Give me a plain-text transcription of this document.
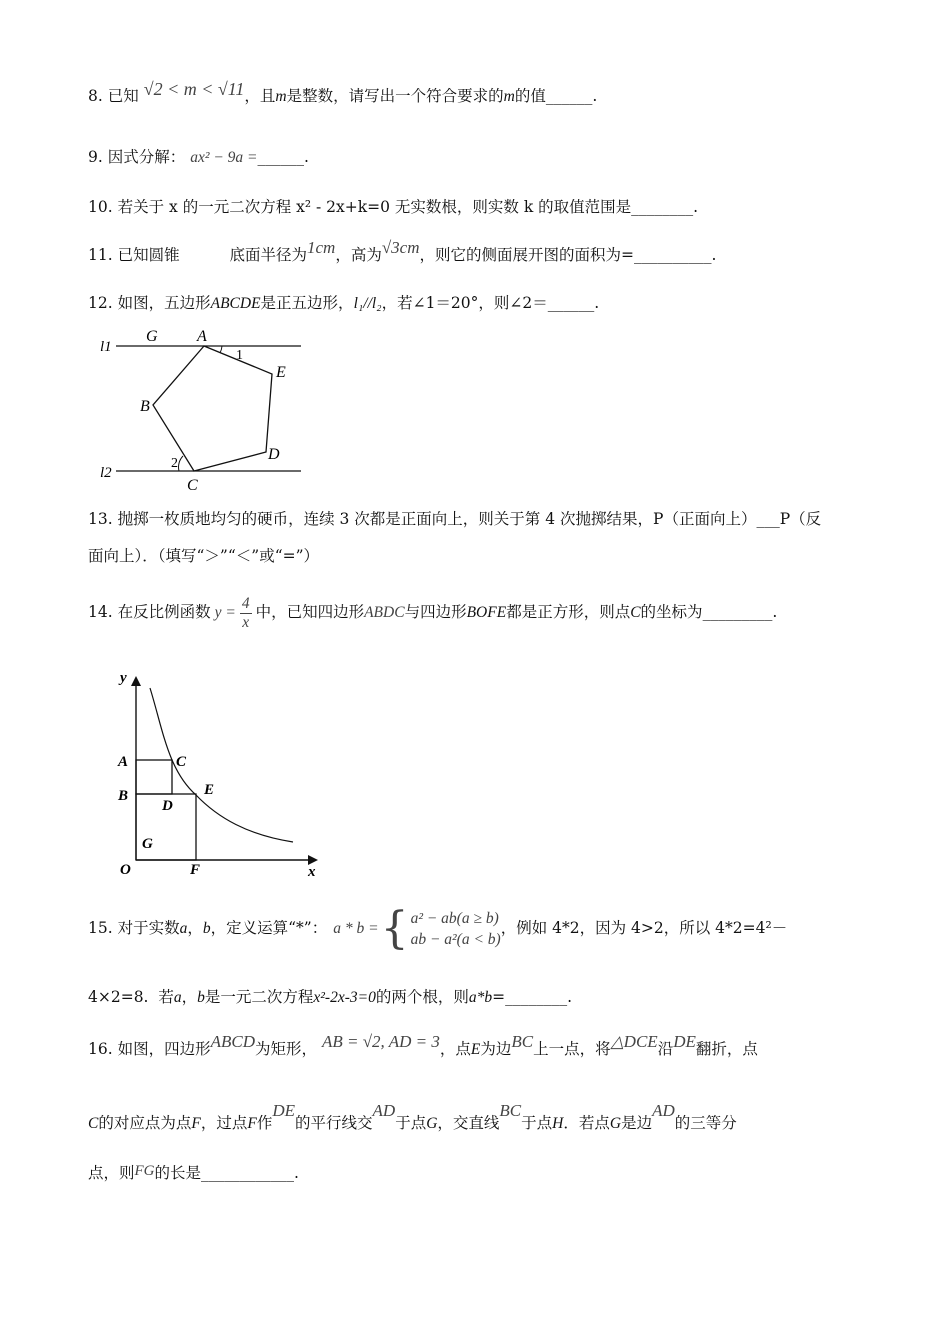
8. 已知 √2 < m < √11，且m是整数，请写出一个符合要求的m的值______.
9. 因式分解： ax² − 9a =______.
10. 若关于 x 的一元二次方程 x² - 2x+k=0 无实数根，则实数 k 的取值范围是________.
11. 已知圆锥	底面半径为1cm，高为√3cm，则它的侧面展开图的面积为=__________.
12. 如图，五边形ABCDE是正五边形，l₁//l₂，若∠1＝20°，则∠2＝______.
l1
l2
G A
1
E
B
D
2
C
13. 抛掷一枚质地均匀的硬币，连续 3 次都是正面向上，则关于第 4 次抛掷结果，P（正面向上）___P（反
面向上）．（填写“＞”“＜”或“=”）
14.
在反比例函数 $y = \frac{4}{x}$ 中，已知四边形 ABDC 与四边形 BOFE 都是正方形，则点 C 的坐标为 _________ .
y
x
A
B
C
D
E
G
O	F
15.
对于实数 a ， b ，定义运算“*”： a * b = { a² − ab(a ≥ b)
ab − a²(a < b)
，例如 4*2，因为 4>2，所以 4*2=4²－
4×2=8. 若a，b是一元二次方程x²-2x-3=0的两个根，则a*b=________.
16. 如图，四边形ABCD为矩形， AB = √2, AD = 3，点E为边BC上一点，将△DCE沿DE翻折，点
C的对应点为点F，过点F作DE的平行线交AD于点G，交直线BC于点H．若点G是边AD的三等分
点，则FG的长是____________.
